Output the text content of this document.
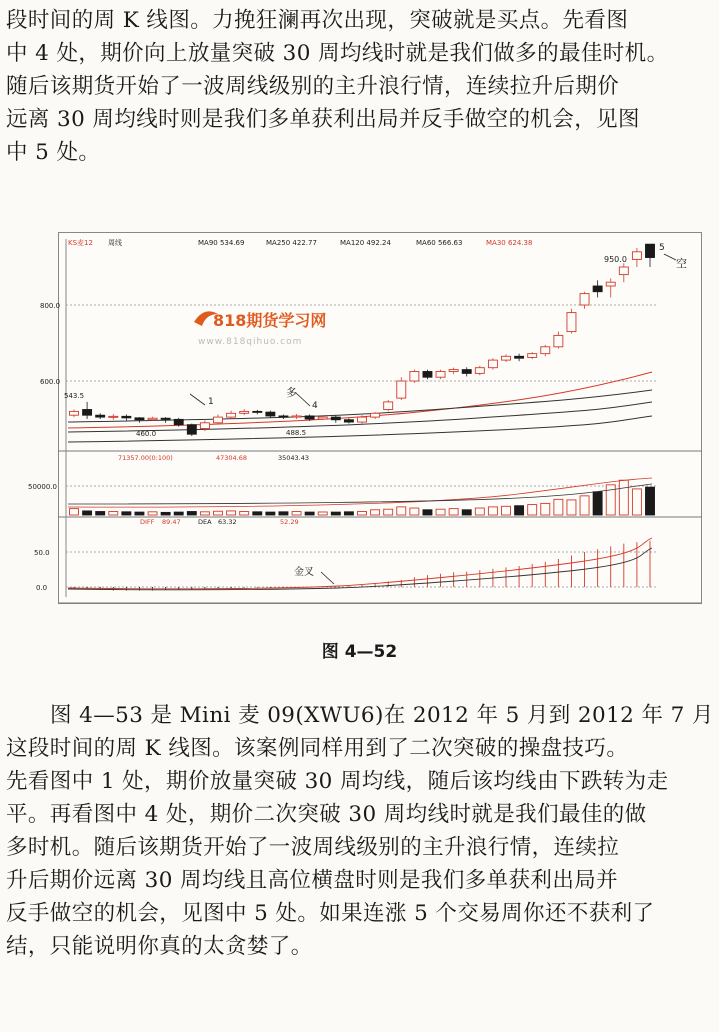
段时间的周 K 线图。力挽狂澜再次出现，突破就是买点。先看图
中 4 处，期价向上放量突破 30 周均线时就是我们做多的最佳时机。
随后该期货开始了一波周线级别的主升浪行情，连续拉升后期价
远离 30 周均线时则是我们多单获利出局并反手做空的机会，见图
中 5 处。
KS麦12 周线	MA90 534.69	MA250 422.77	MA120 492.24	MA60 566.63	MA30 624.38
800.0
600.0
818期货学习网
www.818qihuo.com
543.5
460.0	488.5
950.0
1
多
4
5
空
71357.00(0:100)	47304.68	35043.43
50000.0
DIFF 89.47	DEA 63.32	52.29
50.0
0.0
金叉
图 4—52
图 4—53 是 Mini 麦 09(XWU6)在 2012 年 5 月到 2012 年 7 月
这段时间的周 K 线图。该案例同样用到了二次突破的操盘技巧。
先看图中 1 处，期价放量突破 30 周均线，随后该均线由下跌转为走
平。再看图中 4 处，期价二次突破 30 周均线时就是我们最佳的做
多时机。随后该期货开始了一波周线级别的主升浪行情，连续拉
升后期价远离 30 周均线且高位横盘时则是我们多单获利出局并
反手做空的机会，见图中 5 处。如果连涨 5 个交易周你还不获利了
结，只能说明你真的太贪婪了。
